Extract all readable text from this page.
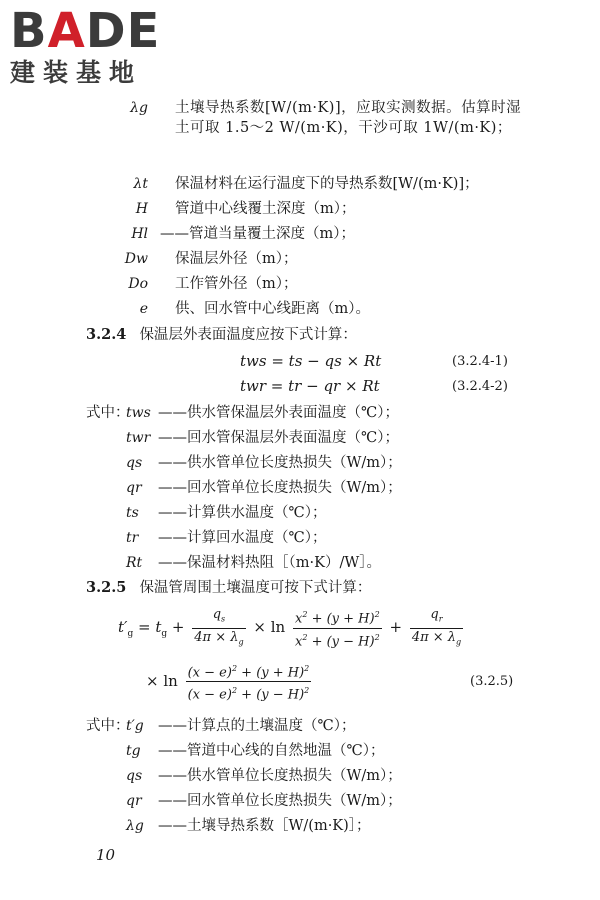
BADE
建装基地
λg 土壤导热系数[W/(m·K)]，应取实测数据。估算时湿土可取 1.5～2 W/(m·K)，干沙可取 1W/(m·K)；
λt 保温材料在运行温度下的导热系数[W/(m·K)]；
H 管道中心线覆土深度（m）；
Hl ——管道当量覆土深度（m）；
Dw 保温层外径（m）；
Do 工作管外径（m）；
e 供、回水管中心线距离（m）。
3.2.4 保温层外表面温度应按下式计算：
tws = ts − qs × Rt	(3.2.4-1)
twr = tr − qr × Rt	(3.2.4-2)
式中：
tws ——供水管保温层外表面温度（℃）；
twr ——回水管保温层外表面温度（℃）；
qs	——供水管单位长度热损失（W/m）；
qr	——回水管单位长度热损失（W/m）；
ts	——计算供水温度（℃）；
tr	——计算回水温度（℃）；
Rt	——保温材料热阻［（m·K）/W］。
3.2.5 保温管周围土壤温度可按下式计算：
$t'_g = t_g + \frac{q_s}{4\pi \times \lambda_g} \times \ln \frac{x^2 + (y + H)^2}{x^2 + (y - H)^2} + \frac{q_r}{4\pi \times \lambda_g}$
× $\ln \frac{(x - e)^2 + (y + H)^2}{(x - e)^2 + (y - H)^2}$	(3.2.5)
式中：
t′g ——计算点的土壤温度（℃）；
tg	——管道中心线的自然地温（℃）；
qs	——供水管单位长度热损失（W/m）；
qr	——回水管单位长度热损失（W/m）；
λg ——土壤导热系数［W/(m·K)］；
10
